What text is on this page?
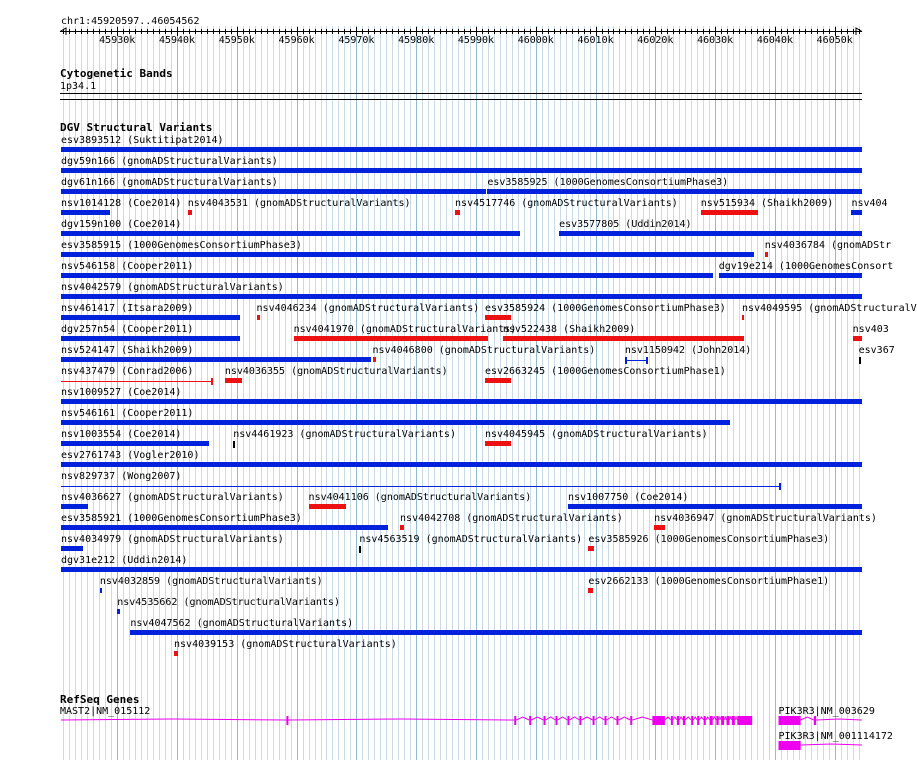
chr1:45920597..46054562
45930k 45940k 45950k 45960k 45970k 45980k 45990k 46000k 46010k 46020k 46030k 46040k 46050k
Cytogenetic Bands
1p34.1
DGV Structural Variants
RefSeq Genes
esv3893512 (Suktitipat2014)
dgv59n166 (gnomADStructuralVariants)
dgv61n166 (gnomADStructuralVariants)	esv3585925 (1000GenomesConsortiumPhase3)
nsv1014128 (Coe2014) nsv4043531 (gnomADStructuralVariants)	nsv4517746 (gnomADStructuralVariants) nsv515934 (Shaikh2009) nsv404
dgv159n100 (Coe2014)	esv3577805 (Uddin2014)
esv3585915 (1000GenomesConsortiumPhase3)	nsv4036784 (gnomADStr
nsv546158 (Cooper2011)	dgv19e214 (1000GenomesConsort
nsv4042579 (gnomADStructuralVariants)
nsv461417 (Itsara2009)	nsv4046234 (gnomADStructuralVariants) esv3585924 (1000GenomesConsortiumPhase3) nsv4049595 (gnomADStructuralV
dgv257n54 (Cooper2011)	nsv4041970 (gnomADStructuralVariants)
nsv522438 (Shaikh2009)	nsv403
nsv524147 (Shaikh2009)	nsv4046800 (gnomADStructuralVariants)	nsv1150942 (John2014)	esv367
nsv437479 (Conrad2006)	nsv4036355 (gnomADStructuralVariants)	esv2663245 (1000GenomesConsortiumPhase1)
nsv1009527 (Coe2014)
nsv546161 (Cooper2011)
nsv1003554 (Coe2014)	nsv4461923 (gnomADStructuralVariants)	nsv4045945 (gnomADStructuralVariants)
esv2761743 (Vogler2010)
nsv829737 (Wong2007)
nsv4036627 (gnomADStructuralVariants) nsv4041106 (gnomADStructuralVariants)	nsv1007750 (Coe2014)
esv3585921 (1000GenomesConsortiumPhase3)	nsv4042708 (gnomADStructuralVariants)	nsv4036947 (gnomADStructuralVariants)
nsv4034979 (gnomADStructuralVariants)	nsv4563519 (gnomADStructuralVariants) esv3585926 (1000GenomesConsortiumPhase3)
dgv31e212 (Uddin2014)
nsv4032859 (gnomADStructuralVariants)	esv2662133 (1000GenomesConsortiumPhase1)
nsv4535662 (gnomADStructuralVariants)
nsv4047562 (gnomADStructuralVariants)
nsv4039153 (gnomADStructuralVariants)
MAST2|NM_015112	PIK3R3|NM_003629
PIK3R3|NM_001114172
